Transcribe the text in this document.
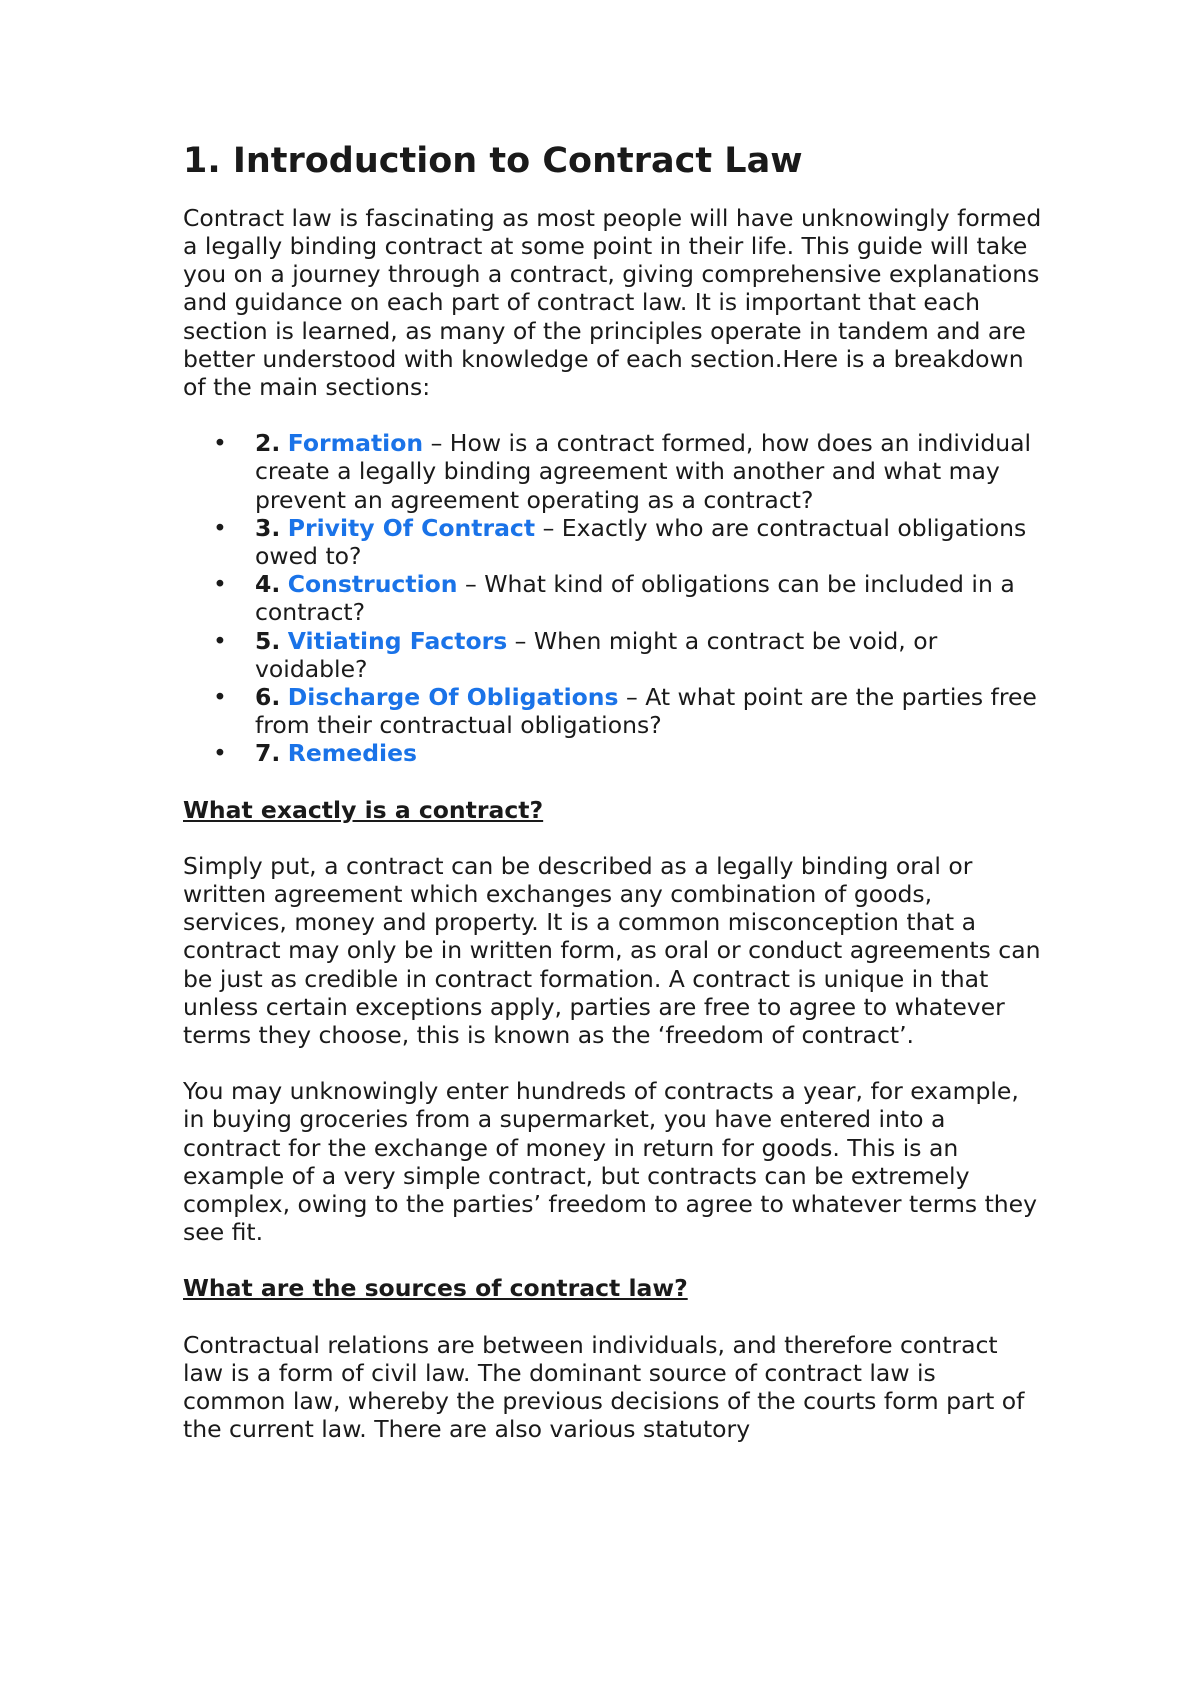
1. Introduction to Contract Law

Contract law is fascinating as most people will have unknowingly formed a legally binding contract at some point in their life. This guide will take you on a journey through a contract, giving comprehensive explanations and guidance on each part of contract law. It is important that each section is learned, as many of the principles operate in tandem and are better understood with knowledge of each section.Here is a breakdown of the main sections:

• 2. Formation – How is a contract formed, how does an individual create a legally binding agreement with another and what may prevent an agreement operating as a contract?
• 3. Privity Of Contract – Exactly who are contractual obligations owed to?
• 4. Construction – What kind of obligations can be included in a contract?
• 5. Vitiating Factors – When might a contract be void, or voidable?
• 6. Discharge Of Obligations – At what point are the parties free from their contractual obligations?
• 7. Remedies
What exactly is a contract?

Simply put, a contract can be described as a legally binding oral or written agreement which exchanges any combination of goods, services, money and property. It is a common misconception that a contract may only be in written form, as oral or conduct agreements can be just as credible in contract formation. A contract is unique in that unless certain exceptions apply, parties are free to agree to whatever terms they choose, this is known as the ‘freedom of contract’.

You may unknowingly enter hundreds of contracts a year, for example, in buying groceries from a supermarket, you have entered into a contract for the exchange of money in return for goods. This is an example of a very simple contract, but contracts can be extremely complex, owing to the parties’ freedom to agree to whatever terms they see fit.

What are the sources of contract law?

Contractual relations are between individuals, and therefore contract law is a form of civil law. The dominant source of contract law is common law, whereby the previous decisions of the courts form part of the current law. There are also various statutory
